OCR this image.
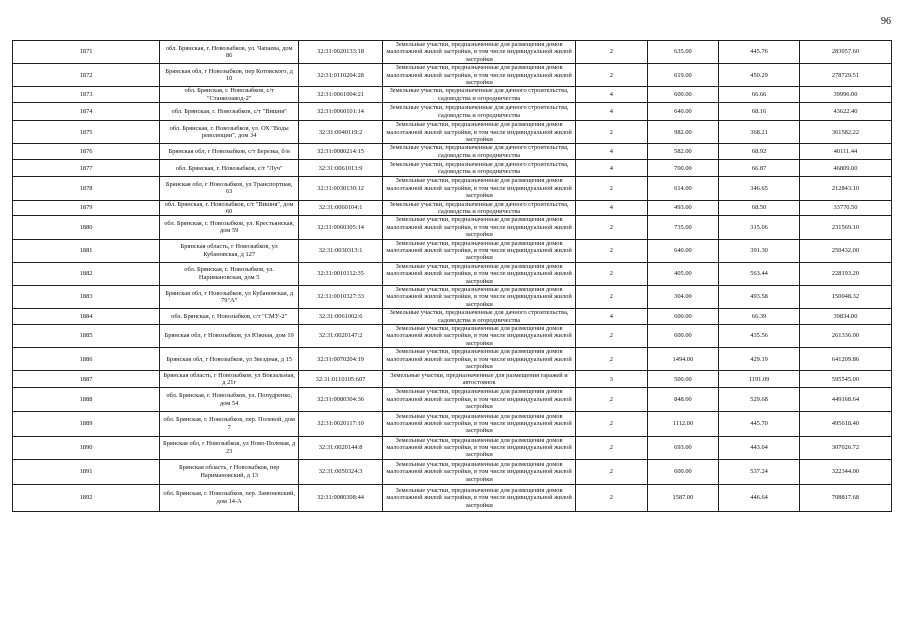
96
1871	обл. Брянская, г. Новозыбков, ул. Чапаева, дом 86	32:31:0020133:18	Земельные участки, предназначенные для размещения домов малоэтажной жилой застройки, в том числе индивидуальной жилой застройки	2	635.00	445.76	283057.60
1872	Брянская обл, г Новозыбков, пер Котовского, д 10	32:31:0110204:28	Земельные участки, предназначенные для размещения домов малоэтажной жилой застройки, в том числе индивидуальной жилой застройки	2	619.00	450.29	278729.51
1873	обл. Брянская, г. Новозыбков, с/т "Станкозавод-2"	32:31:0061004:21	Земельные участки, предназначенные для дачного строительства, садоводства и огородничества	4	600.00	66.66	39996.00
1874	обл. Брянская, г. Новозыбков, с/т "Вишня"	32:31:0060101:14	Земельные участки, предназначенные для дачного строительства, садоводства и огородничества	4	640.00	68.16	43622.40
1875	обл. Брянская, г. Новозыбков, ул. ОХ "Воды революции", дом 34	32:31:0040119:2	Земельные участки, предназначенные для размещения домов малоэтажной жилой застройки, в том числе индивидуальной жилой застройки	2	982.00	368.21	361582.22
1876	Брянская обл, г Новозыбков, с/т Березка, б/н	32:31:0080214:15	Земельные участки, предназначенные для дачного строительства, садоводства и огородничества	4	582.00	68.92	40111.44
1877	обл. Брянская, г. Новозыбков, с/т "Луч"	32:31:0061013:9	Земельные участки, предназначенные для дачного строительства, садоводства и огородничества	4	700.00	66.87	46809.00
1878	Брянская обл, г Новозыбков, ул Транспортная, 63	32:31:0030130:12	Земельные участки, предназначенные для размещения домов малоэтажной жилой застройки, в том числе индивидуальной жилой застройки	2	614.00	346.65	212843.10
1879	обл. Брянская, г. Новозыбков, с/т "Вишня", дом 60	32:31:0060104:1	Земельные участки, предназначенные для дачного строительства, садоводства и огородничества	4	493.00	68.50	33770.50
1880	обл. Брянская, г. Новозыбков, ул. Крестьянская, дом 59	32:31:0060305:14	Земельные участки, предназначенные для размещения домов малоэтажной жилой застройки, в том числе индивидуальной жилой застройки	2	735.00	315.06	231569.10
1881	Брянская область, г Новозыбков, ул Кубановская, д 127	32:31:0030313:1	Земельные участки, предназначенные для размещения домов малоэтажной жилой застройки, в том числе индивидуальной жилой застройки	2	640.00	391.30	250432.00
1882	обл. Брянская, г. Новозыбков, ул. Наримановская, дом 5	32:31:0010112:35	Земельные участки, предназначенные для размещения домов малоэтажной жилой застройки, в том числе индивидуальной жилой застройки	2	405.00	563.44	228193.20
1883	Брянская обл, г Новозыбков, ул Кубановская, д 79"А"	32:31:0010327:33	Земельные участки, предназначенные для размещения домов малоэтажной жилой застройки, в том числе индивидуальной жилой застройки	2	304.00	493.58	150048.32
1884	обл. Брянская, г. Новозыбков, с/т "СМУ-2"	32:31:0061002:6	Земельные участки, предназначенные для дачного строительства, садоводства и огородничества	4	600.00	66.39	39834.00
1885	Брянская обл, г Новозыбков, ул Южная, дом 19	32:31:0020147:2	Земельные участки, предназначенные для размещения домов малоэтажной жилой застройки, в том числе индивидуальной жилой застройки	2	600.00	435.56	261336.00
1886	Брянская обл, г Новозыбков, ул Звездная, д 15	32:31:0070204:19	Земельные участки, предназначенные для размещения домов малоэтажной жилой застройки, в том числе индивидуальной жилой застройки	2	1494.00	429.19	641209.86
1887	Брянская область, г Новозыбков, ул Вокзальная, д 21г	32:31:0110105:607	Земельные участки, предназначенные для размещения гаражей и автостоянок	3	500.00	1191.09	595545.00
1888	обл. Брянская, г. Новозыбков, ул. Попудренко, дом 54	32:31:0080304:36	Земельные участки, предназначенные для размещения домов малоэтажной жилой застройки, в том числе индивидуальной жилой застройки	2	848.00	529.68	449168.64
1889	обл. Брянская, г. Новозыбков, пер. Полевой, дом 7	32:31:0020117:10	Земельные участки, предназначенные для размещения домов малоэтажной жилой застройки, в том числе индивидуальной жилой застройки	2	1112.00	445.70	495618.40
1890	Брянская обл, г Новозыбков, ул Ново-Полевая, д 23	32:31:0020144:8	Земельные участки, предназначенные для размещения домов малоэтажной жилой застройки, в том числе индивидуальной жилой застройки	2	693.00	443.04	307026.72
1891	Брянская область, г Новозыбков, пер Наримановский, д 13	32:31:0050324:3	Земельные участки, предназначенные для размещения домов малоэтажной жилой застройки, в том числе индивидуальной жилой застройки	2	600.00	537.24	322344.00
1892	обл. Брянская, г. Новозыбков, пер. Замоневский, дом 14-А	32:31:0080308:44	Земельные участки, предназначенные для размещения домов малоэтажной жилой застройки, в том числе индивидуальной жилой застройки	2	1587.00	446.64	708817.68
